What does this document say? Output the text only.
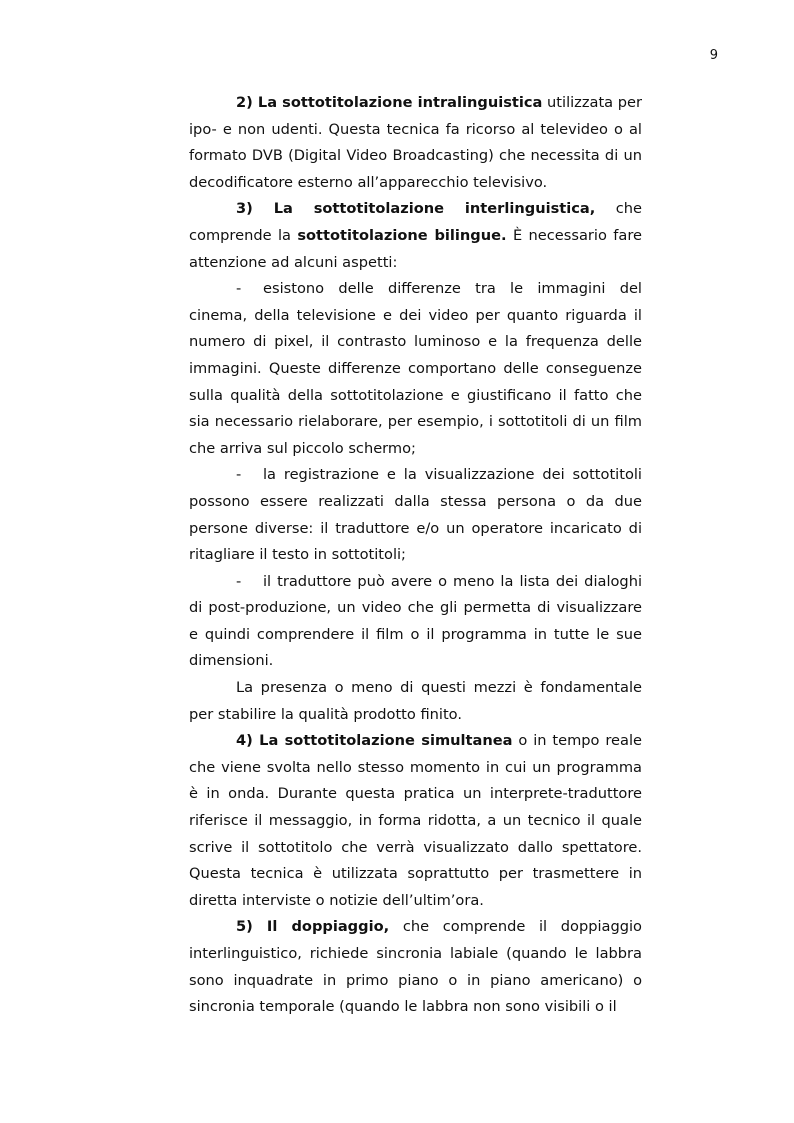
9

2) La sottotitolazione intralinguistica utilizzata per ipo- e non udenti. Questa tecnica fa ricorso al televideo o al formato DVB (Digital Video Broadcasting) che necessita di un decodificatore esterno all’apparecchio televisivo.

3) La sottotitolazione interlinguistica, che comprende la sottotitolazione bilingue. È necessario fare attenzione ad alcuni aspetti:

- esistono delle differenze tra le immagini del cinema, della televisione e dei video per quanto riguarda il numero di pixel, il contrasto luminoso e la frequenza delle immagini. Queste differenze comportano delle conseguenze sulla qualità della sottotitolazione e giustificano il fatto che sia necessario rielaborare, per esempio, i sottotitoli di un film che arriva sul piccolo schermo;

- la registrazione e la visualizzazione dei sottotitoli possono essere realizzati dalla stessa persona o da due persone diverse: il traduttore e/o un operatore incaricato di ritagliare il testo in sottotitoli;

- il traduttore può avere o meno la lista dei dialoghi di post-produzione, un video che gli permetta di visualizzare e quindi comprendere il film o il programma in tutte le sue dimensioni.

La presenza o meno di questi mezzi è fondamentale per stabilire la qualità prodotto finito.

4) La sottotitolazione simultanea o in tempo reale che viene svolta nello stesso momento in cui un programma è in onda. Durante questa pratica un interprete-traduttore riferisce il messaggio, in forma ridotta, a un tecnico il quale scrive il sottotitolo che verrà visualizzato dallo spettatore. Questa tecnica è utilizzata soprattutto per trasmettere in diretta interviste o notizie dell’ultim’ora.

5) Il doppiaggio, che comprende il doppiaggio interlinguistico, richiede sincronia labiale (quando le labbra sono inquadrate in primo piano o in piano americano) o sincronia temporale (quando le labbra non sono visibili o il
